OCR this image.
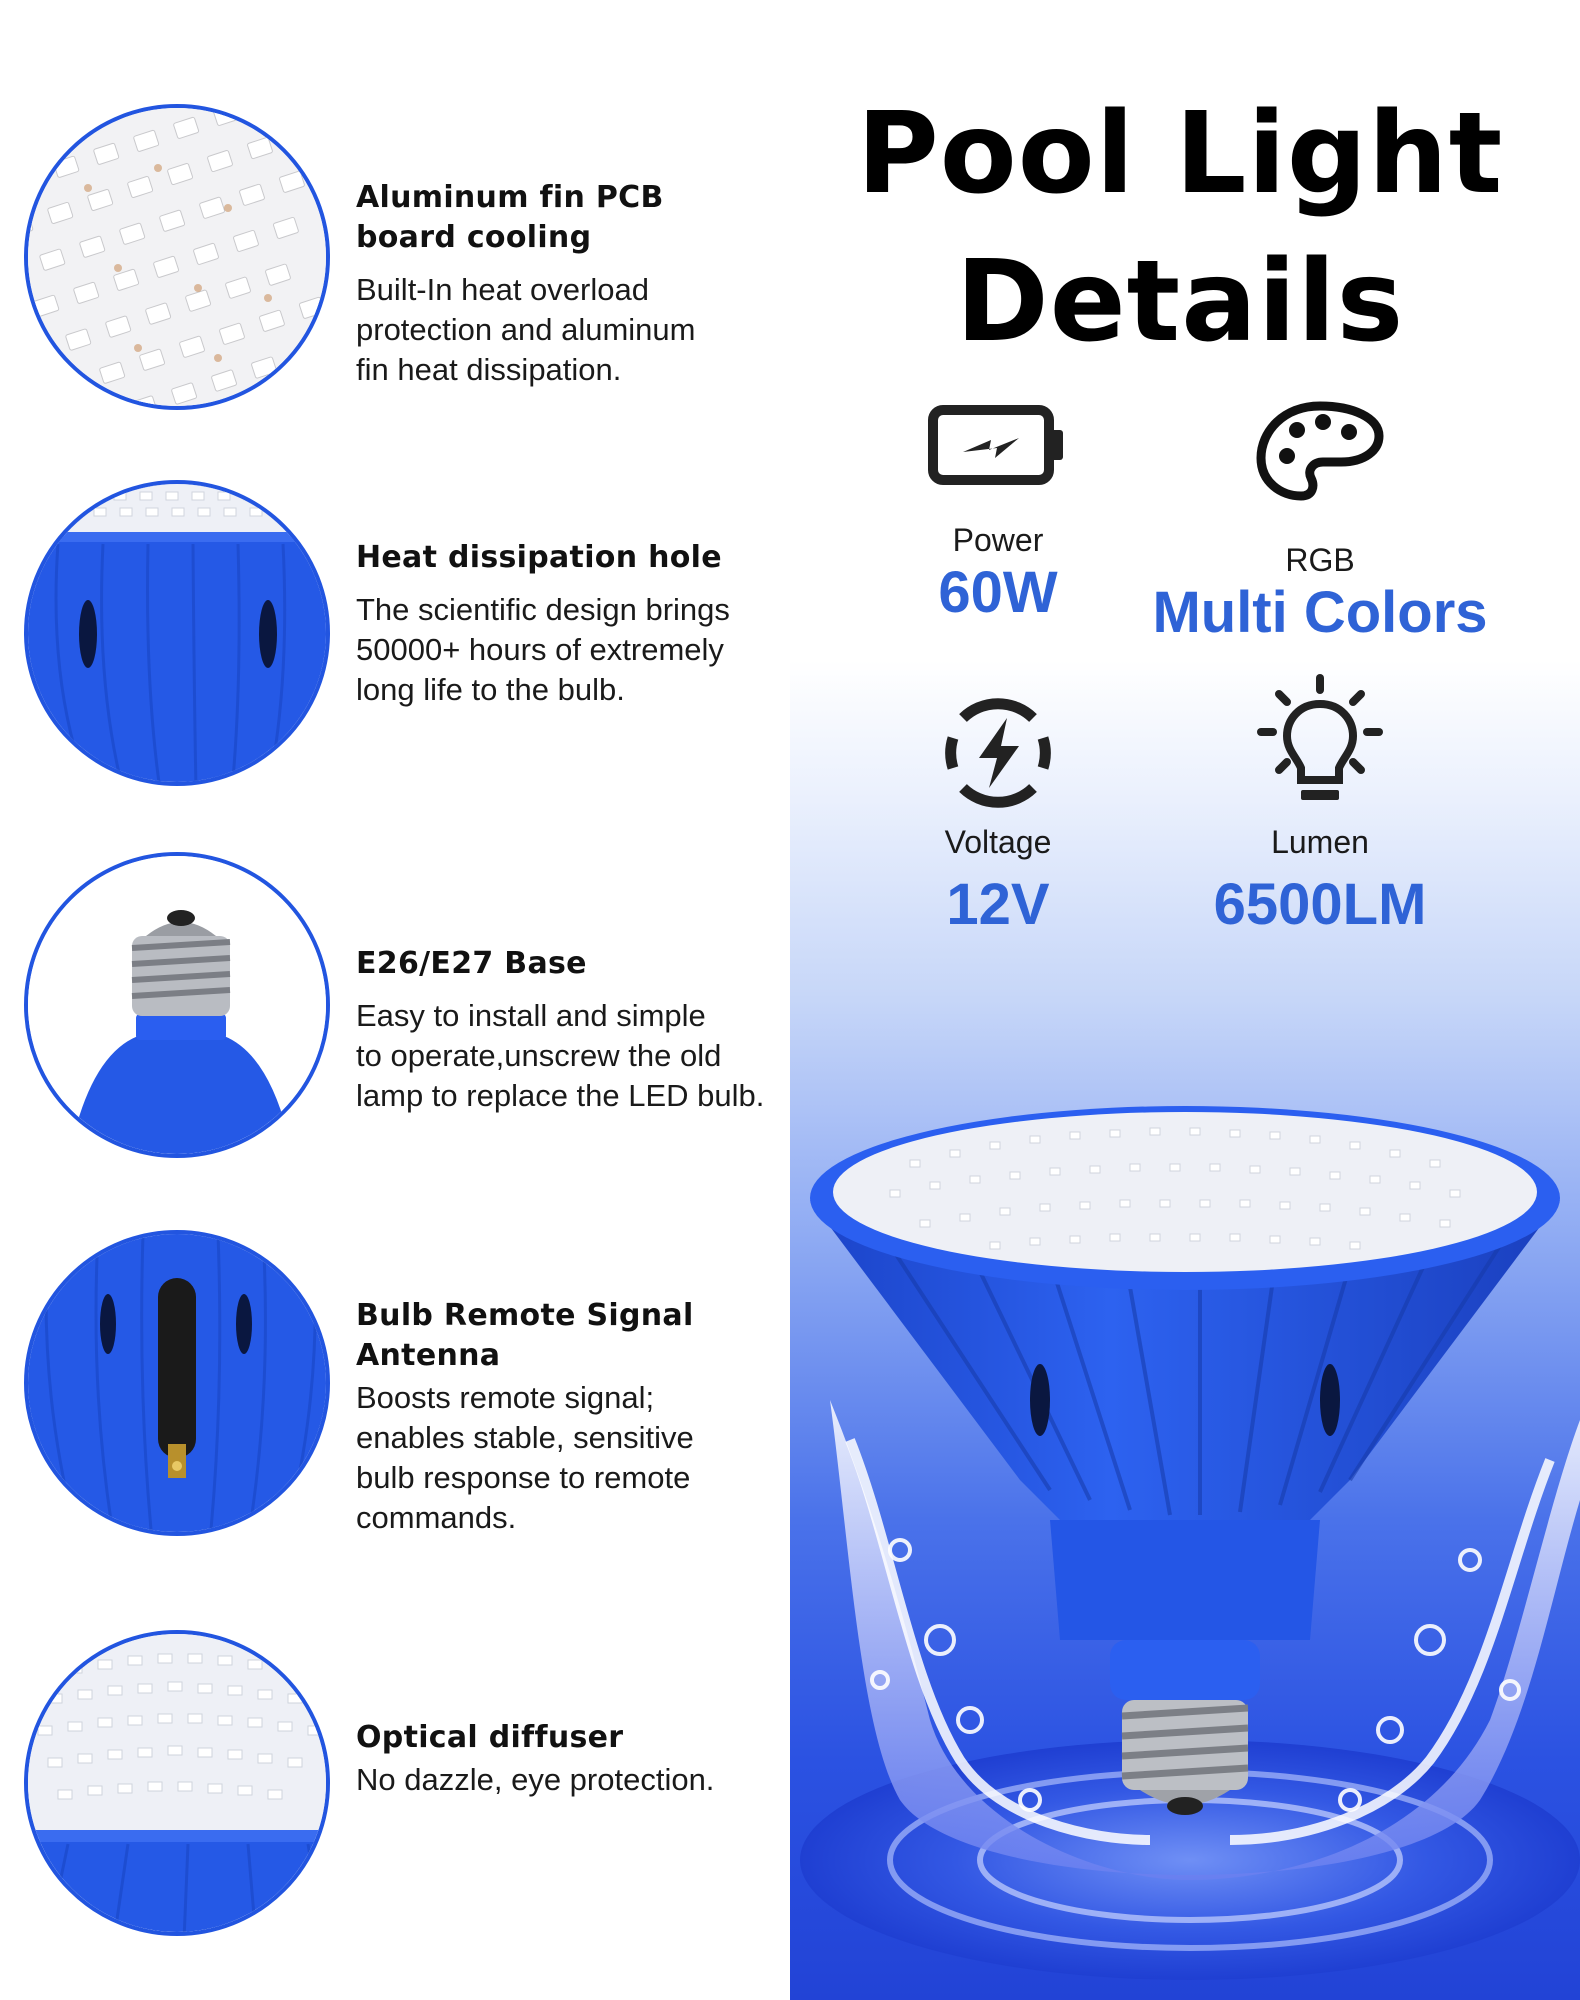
Aluminum fin PCB
board cooling
Built-In heat overload
protection and aluminum
fin heat dissipation.
Heat dissipation hole
The scientific design brings
50000+ hours of extremely
long life to the bulb.
E26/E27 Base
Easy to install and simple
to operate,unscrew the old
lamp to replace the LED bulb.
Bulb Remote Signal
Antenna
Boosts remote signal;
enables stable, sensitive
bulb response to remote
commands.
Optical diffuser
No dazzle, eye protection.
Pool Light
Details
Power
60W	RGB
Multi Colors
Voltage
12V
Lumen
6500LM
